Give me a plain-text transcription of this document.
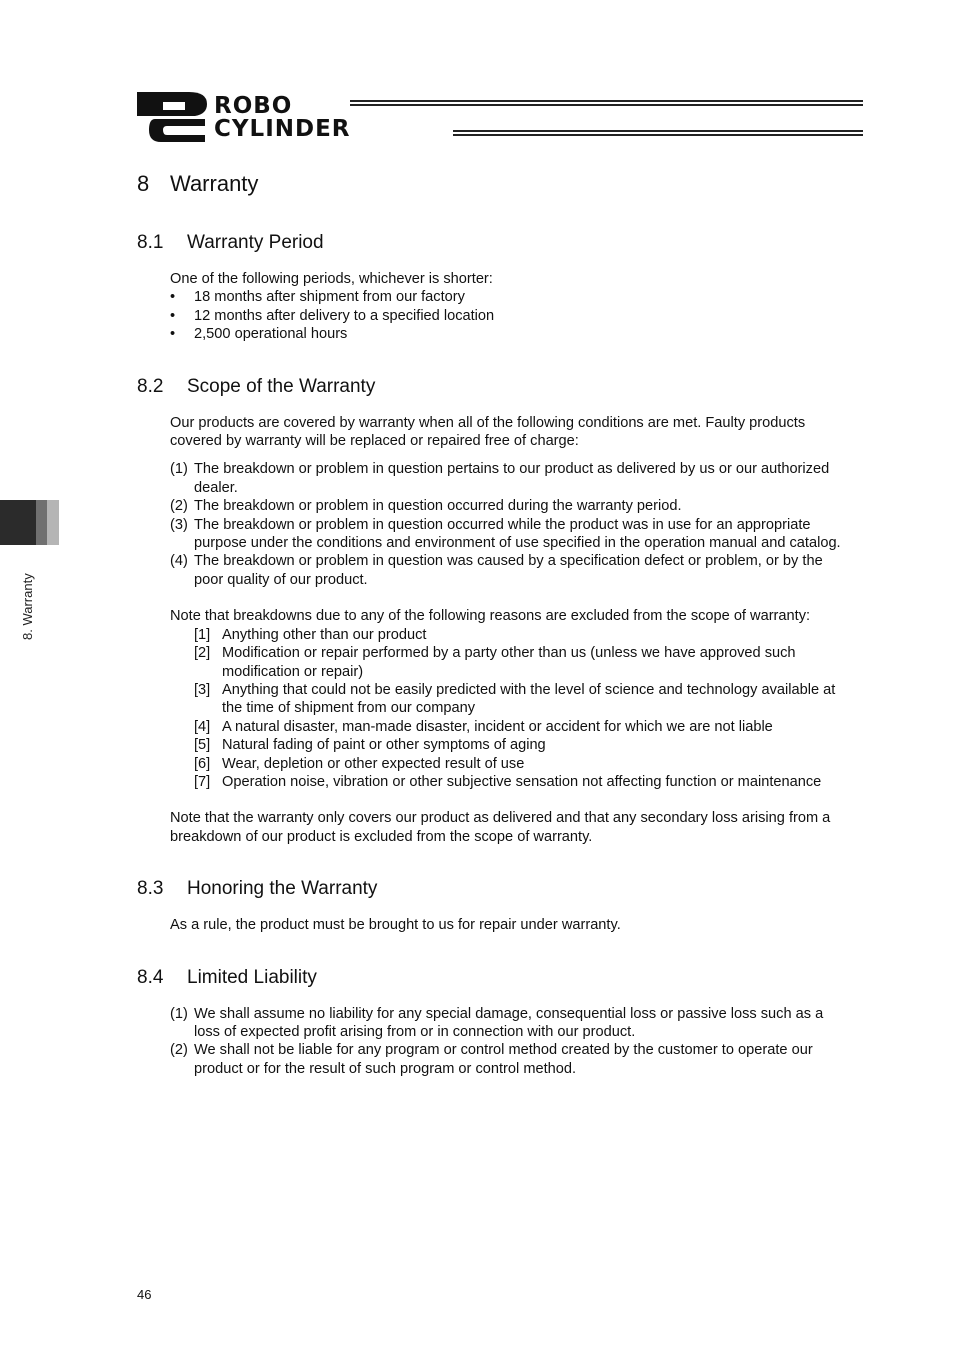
ROBO
CYLINDER
8. Warranty
8 Warranty
8.1 Warranty Period

One of the following periods, whichever is shorter:

• 18 months after shipment from our factory
• 12 months after delivery to a specified location
• 2,500 operational hours
8.2 Scope of the Warranty

Our products are covered by warranty when all of the following conditions are met. Faulty products covered by warranty will be replaced or repaired free of charge:

(1) The breakdown or problem in question pertains to our product as delivered by us or our authorized dealer.
(2) The breakdown or problem in question occurred during the warranty period.
(3) The breakdown or problem in question occurred while the product was in use for an appropriate purpose under the conditions and environment of use specified in the operation manual and catalog.
(4) The breakdown or problem in question was caused by a specification defect or problem, or by the poor quality of our product.

Note that breakdowns due to any of the following reasons are excluded from the scope of warranty:

[1] Anything other than our product
[2] Modification or repair performed by a party other than us (unless we have approved such modification or repair)
[3] Anything that could not be easily predicted with the level of science and technology available at the time of shipment from our company
[4] A natural disaster, man-made disaster, incident or accident for which we are not liable
[5] Natural fading of paint or other symptoms of aging
[6] Wear, depletion or other expected result of use
[7] Operation noise, vibration or other subjective sensation not affecting function or maintenance

Note that the warranty only covers our product as delivered and that any secondary loss arising from a breakdown of our product is excluded from the scope of warranty.

8.3 Honoring the Warranty

As a rule, the product must be brought to us for repair under warranty.

8.4 Limited Liability
(1) We shall assume no liability for any special damage, consequential loss or passive loss such as a loss of expected profit arising from or in connection with our product.
(2) We shall not be liable for any program or control method created by the customer to operate our product or for the result of such program or control method.
46
